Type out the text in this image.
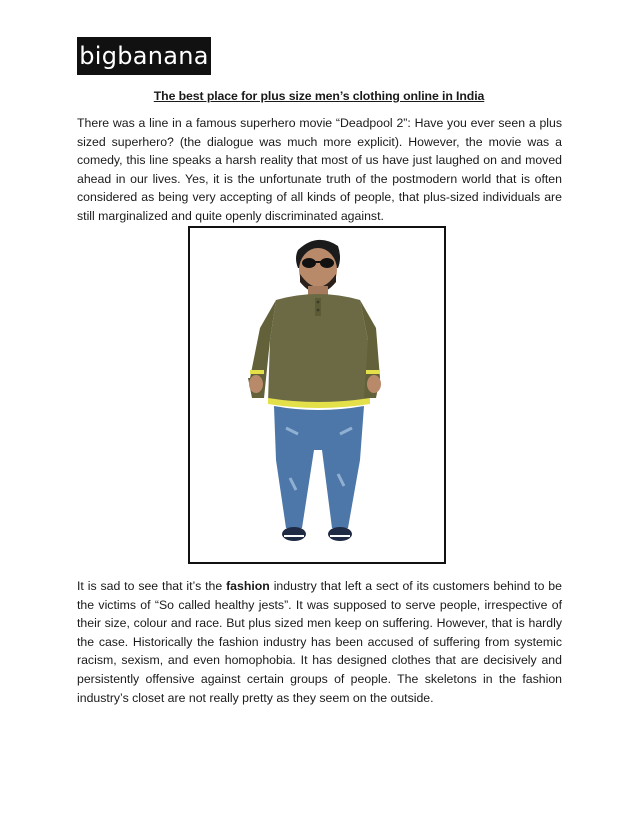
bigbanana
The best place for plus size men’s clothing online in India

There was a line in a famous superhero movie “Deadpool 2”: Have you ever seen a plus sized superhero? (the dialogue was much more explicit). However, the movie was a comedy, this line speaks a harsh reality that most of us have just laughed on and moved ahead in our lives. Yes, it is the unfortunate truth of the postmodern world that is often considered as being very accepting of all kinds of people, that plus-sized individuals are still marginalized and quite openly discriminated against.

It is sad to see that it’s the fashion industry that left a sect of its customers behind to be the victims of “So called healthy jests”. It was supposed to serve people, irrespective of their size, colour and race. But plus sized men keep on suffering. However, that is hardly the case. Historically the fashion industry has been accused of suffering from systemic racism, sexism, and even homophobia. It has designed clothes that are decisively and persistently offensive against certain groups of people. The skeletons in the fashion industry’s closet are not really pretty as they seem on the outside.
